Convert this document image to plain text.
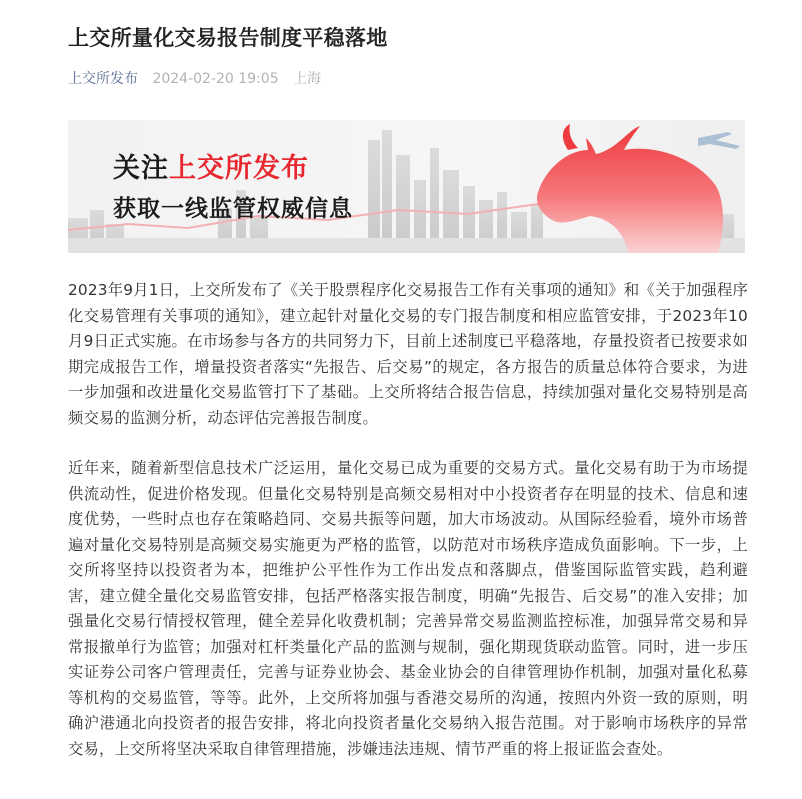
上交所量化交易报告制度平稳落地
上交所发布 2024-02-20 19:05 上海
关注上交所发布
获取一线监管权威信息

2023年9月1日，上交所发布了《关于股票程序化交易报告工作有关事项的通知》和《关于加强程序化交易管理有关事项的通知》，建立起针对量化交易的专门报告制度和相应监管安排，于2023年10月9日正式实施。在市场参与各方的共同努力下，目前上述制度已平稳落地，存量投资者已按要求如期完成报告工作，增量投资者落实“先报告、后交易”的规定，各方报告的质量总体符合要求，为进一步加强和改进量化交易监管打下了基础。上交所将结合报告信息，持续加强对量化交易特别是高频交易的监测分析，动态评估完善报告制度。

近年来，随着新型信息技术广泛运用，量化交易已成为重要的交易方式。量化交易有助于为市场提供流动性，促进价格发现。但量化交易特别是高频交易相对中小投资者存在明显的技术、信息和速度优势，一些时点也存在策略趋同、交易共振等问题，加大市场波动。从国际经验看，境外市场普遍对量化交易特别是高频交易实施更为严格的监管，以防范对市场秩序造成负面影响。下一步，上交所将坚持以投资者为本，把维护公平性作为工作出发点和落脚点，借鉴国际监管实践，趋利避害，建立健全量化交易监管安排，包括严格落实报告制度，明确“先报告、后交易”的准入安排；加强量化交易行情授权管理，健全差异化收费机制；完善异常交易监测监控标准，加强异常交易和异常报撤单行为监管；加强对杠杆类量化产品的监测与规制，强化期现货联动监管。同时，进一步压实证券公司客户管理责任，完善与证券业协会、基金业协会的自律管理协作机制，加强对量化私募等机构的交易监管，等等。此外，上交所将加强与香港交易所的沟通，按照内外资一致的原则，明确沪港通北向投资者的报告安排，将北向投资者量化交易纳入报告范围。对于影响市场秩序的异常交易，上交所将坚决采取自律管理措施，涉嫌违法违规、情节严重的将上报证监会查处。
